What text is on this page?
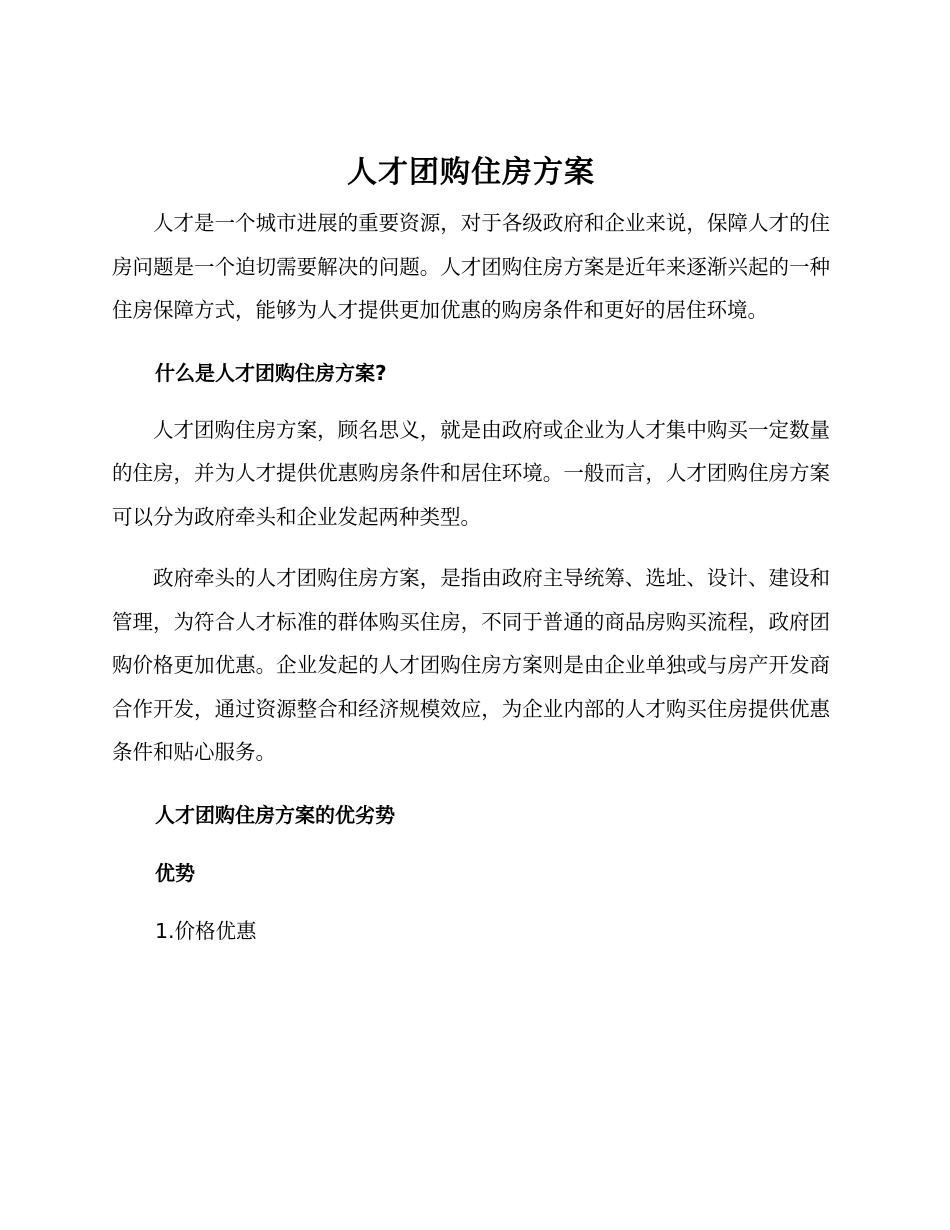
人才团购住房方案

人才是一个城市进展的重要资源，对于各级政府和企业来说，保障人才的住房问题是一个迫切需要解决的问题。人才团购住房方案是近年来逐渐兴起的一种住房保障方式，能够为人才提供更加优惠的购房条件和更好的居住环境。

什么是人才团购住房方案?

人才团购住房方案，顾名思义，就是由政府或企业为人才集中购买一定数量的住房，并为人才提供优惠购房条件和居住环境。一般而言，人才团购住房方案可以分为政府牵头和企业发起两种类型。

政府牵头的人才团购住房方案，是指由政府主导统筹、选址、设计、建设和管理，为符合人才标准的群体购买住房，不同于普通的商品房购买流程，政府团购价格更加优惠。企业发起的人才团购住房方案则是由企业单独或与房产开发商合作开发，通过资源整合和经济规模效应，为企业内部的人才购买住房提供优惠条件和贴心服务。

人才团购住房方案的优劣势
优势

1.价格优惠
